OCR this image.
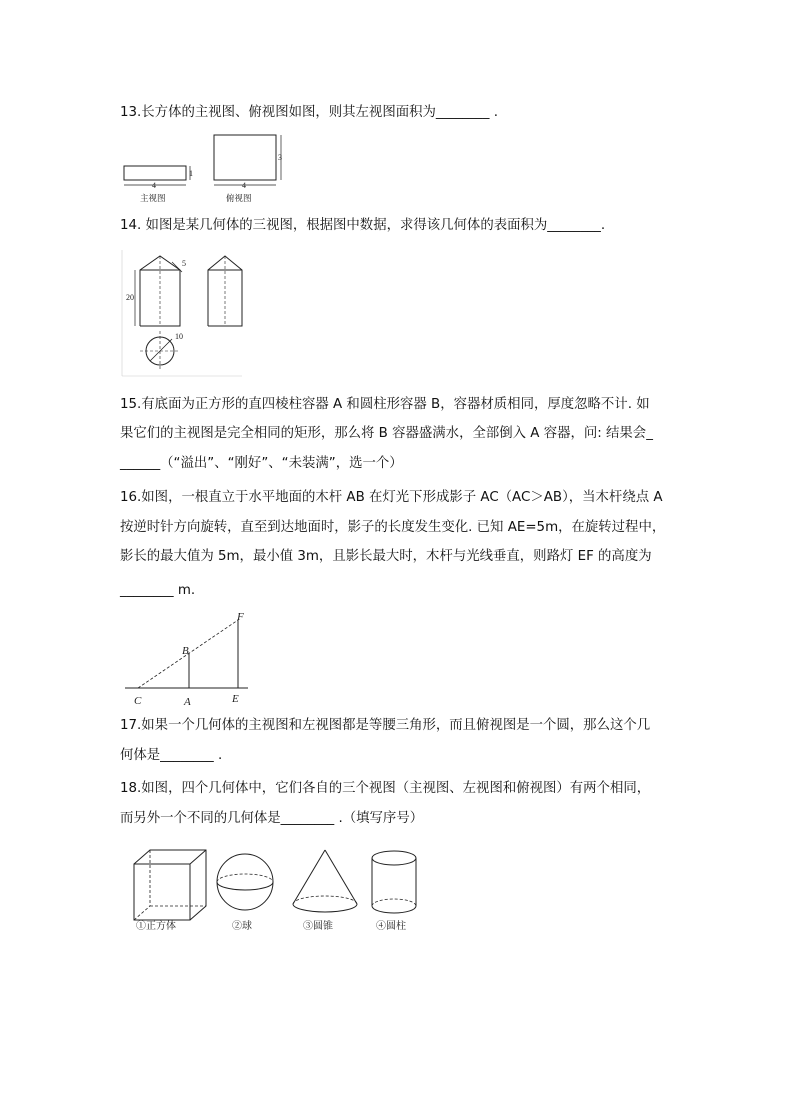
13.长方体的主视图、俯视图如图，则其左视图面积为________ .
1
4
主视图
3
4
俯视图
14. 如图是某几何体的三视图，根据图中数据，求得该几何体的表面积为________.
20
5
10
15.有底面为正方形的直四棱柱容器 A 和圆柱形容器 B，容器材质相同，厚度忽略不计. 如
果它们的主视图是完全相同的矩形，那么将 B 容器盛满水，全部倒入 A 容器，问: 结果会_
______（“溢出”、“刚好”、“未装满”，选一个）
16.如图，一根直立于水平地面的木杆 AB 在灯光下形成影子 AC（AC＞AB），当木杆绕点 A
按逆时针方向旋转，直至到达地面时，影子的长度发生变化. 已知 AE=5m，在旋转过程中，
影长的最大值为 5m，最小值 3m，且影长最大时，木杆与光线垂直，则路灯 EF 的高度为
________ m.
C	A	E
B
F
17.如果一个几何体的主视图和左视图都是等腰三角形，而且俯视图是一个圆，那么这个几
何体是________ .
18.如图，四个几何体中，它们各自的三个视图（主视图、左视图和俯视图）有两个相同，
而另外一个不同的几何体是________ .（填写序号）
①正方体	②球	③圆锥	④圆柱
